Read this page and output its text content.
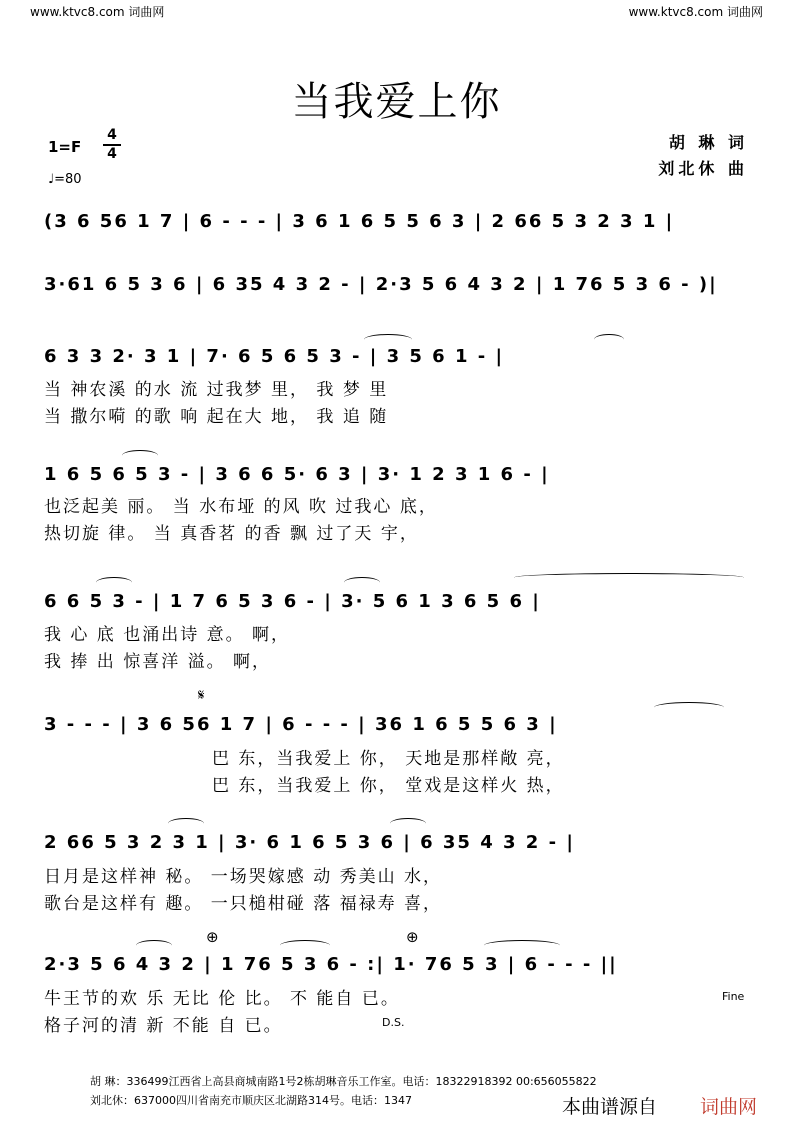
www.ktvc8.com 词曲网	www.ktvc8.com 词曲网
当我爱上你
1=F
4
4
♩=80
胡 琳 词
刘北休 曲
(3 6 56 1 7 | 6 - - - | 3 6 1 6 5 5 6 3 | 2 66 5 3 2 3 1 |
3·61 6 5 3 6 | 6 35 4 3 2 - | 2·3 5 6 4 3 2 | 1 76 5 3 6 - )|
6 3 3 2· 3 1 | 7· 6 5 6 5 3 - | 3 5 6 1 - |
当 神农溪 的水 流 过我梦 里， 我 梦 里
当 撒尔嗬 的歌 响 起在大 地， 我 追 随
1 6 5 6 5 3 - | 3 6 6 5· 6 3 | 3· 1 2 3 1 6 - |
也泛起美 丽。 当 水布垭 的风 吹 过我心 底，
热切旋 律。 当 真香茗 的香 飘 过了天 宇，
6 6 5 3 - | 1 7 6 5 3 6 - | 3· 5 6 1 3 6 5 6 |
我 心 底 也涌出诗 意。 啊，
我 捧 出 惊喜洋 溢。 啊，
𝄋
3 - - - | 3 6 56 1 7 | 6 - - - | 36 1 6 5 5 6 3 |
巴 东，当我爱上 你， 天地是那样敞 亮，
巴 东，当我爱上 你， 堂戏是这样火 热，
2 66 5 3 2 3 1 | 3· 6 1 6 5 3 6 | 6 35 4 3 2 - |
日月是这样神 秘。 一场哭嫁感 动 秀美山 水，
歌台是这样有 趣。 一只槌柑碰 落 福禄寿 喜，
⊕	⊕
2·3 5 6 4 3 2 | 1 76 5 3 6 - :| 1· 76 5 3 | 6 - - - ||
牛王节的欢 乐 无比 伦 比。 不 能自 已。
格子河的清 新 不能 自 已。	D.S.
Fine
胡 琳：336499江西省上高县商城南路1号2栋胡琳音乐工作室。电话：18322918392 00:656055822
刘北休：637000四川省南充市顺庆区北湖路314号。电话：1347	本曲谱源自 词曲网
